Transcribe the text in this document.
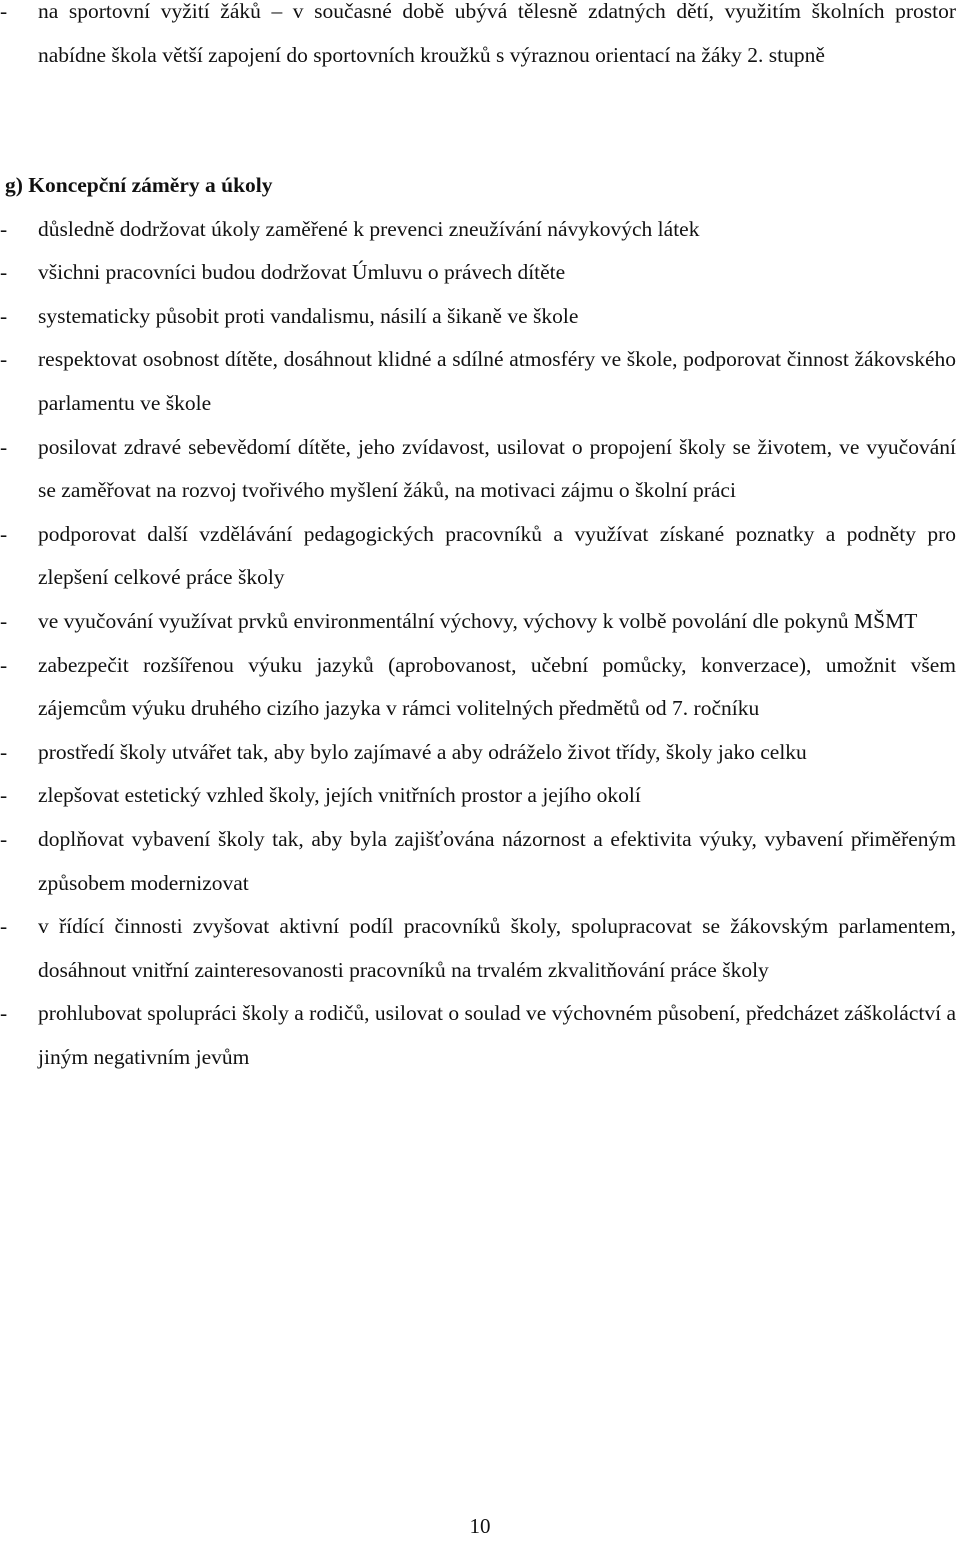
- na sportovní vyžití žáků – v současné době ubývá tělesně zdatných dětí, využitím školních prostor nabídne škola větší zapojení do sportovních kroužků s výraznou orientací na žáky 2. stupně
g) Koncepční záměry a úkoly
- důsledně dodržovat úkoly zaměřené k prevenci zneužívání návykových látek
- všichni pracovníci budou dodržovat Úmluvu o právech dítěte
- systematicky působit proti vandalismu, násilí a šikaně ve škole
- respektovat osobnost dítěte, dosáhnout klidné a sdílné atmosféry ve škole, podporovat činnost žákovského parlamentu ve škole
- posilovat zdravé sebevědomí dítěte, jeho zvídavost, usilovat o propojení školy se životem, ve vyučování se zaměřovat na rozvoj tvořivého myšlení žáků, na motivaci zájmu o školní práci
- podporovat další vzdělávání pedagogických pracovníků a využívat získané poznatky a podněty pro zlepšení celkové práce školy
- ve vyučování využívat prvků environmentální výchovy, výchovy k volbě povolání dle pokynů MŠMT
- zabezpečit rozšířenou výuku jazyků (aprobovanost, učební pomůcky, konverzace), umožnit všem zájemcům výuku druhého cizího jazyka v rámci volitelných předmětů od 7. ročníku
- prostředí školy utvářet tak, aby bylo zajímavé a aby odráželo život třídy, školy jako celku
- zlepšovat estetický vzhled školy, jejích vnitřních prostor a jejího okolí
- doplňovat vybavení školy tak, aby byla zajišťována názornost a efektivita výuky, vybavení přiměřeným způsobem modernizovat
- v řídící činnosti zvyšovat aktivní podíl pracovníků školy, spolupracovat se žákovským parlamentem, dosáhnout vnitřní zainteresovanosti pracovníků na trvalém zkvalitňování práce školy
- prohlubovat spolupráci školy a rodičů, usilovat o soulad ve výchovném působení, předcházet záškoláctví a jiným negativním jevům
10
